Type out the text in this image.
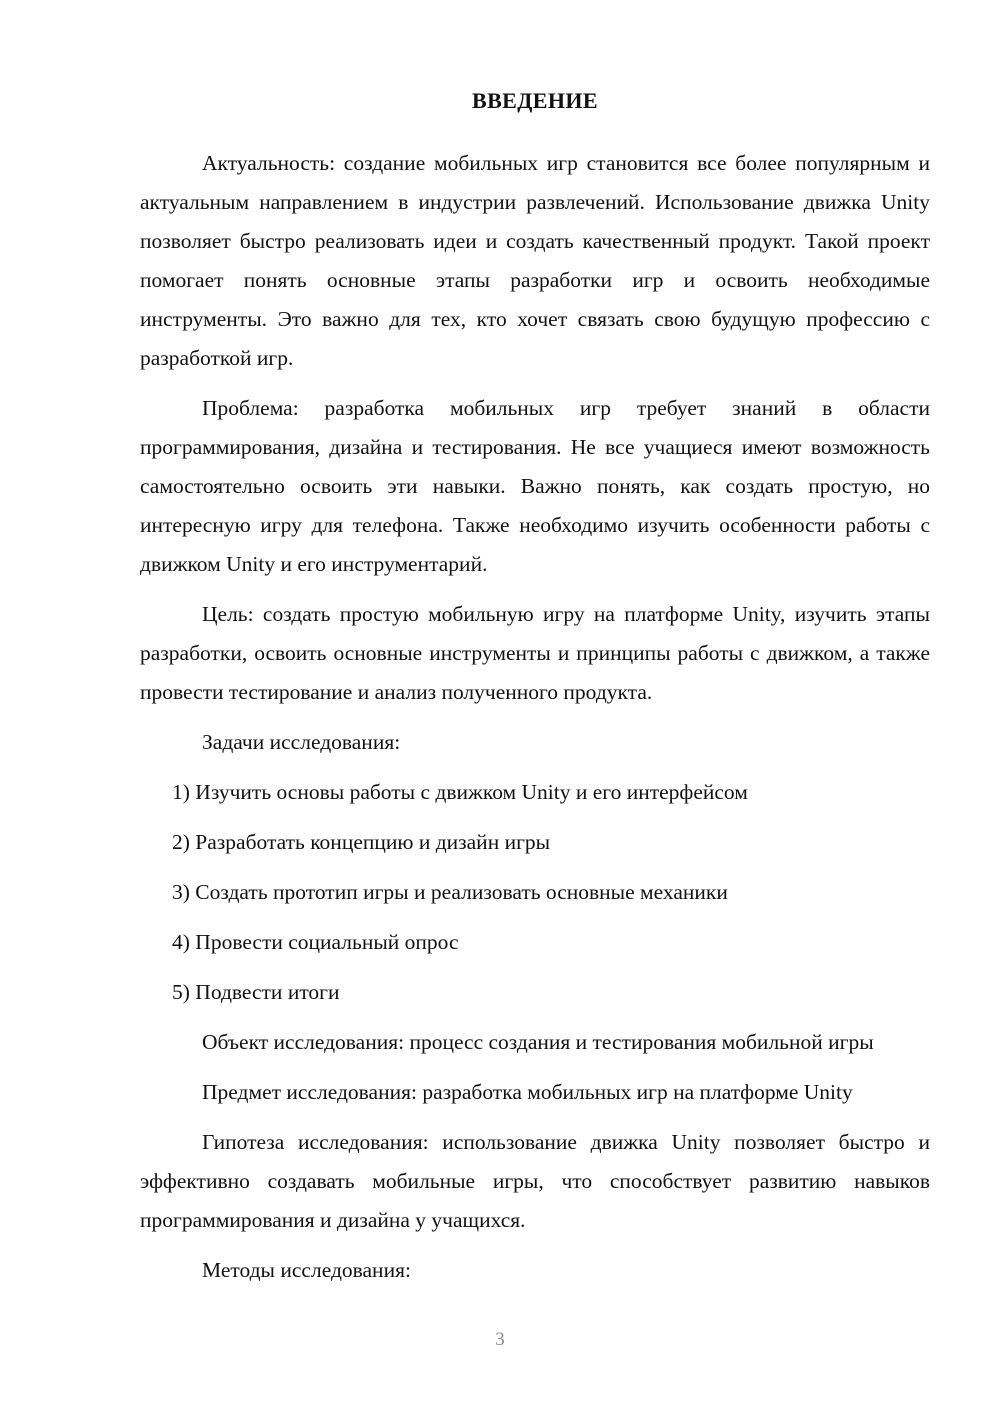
ВВЕДЕНИЕ

Актуальность: создание мобильных игр становится все более популярным и актуальным направлением в индустрии развлечений. Использование движка Unity позволяет быстро реализовать идеи и создать качественный продукт. Такой проект помогает понять основные этапы разработки игр и освоить необходимые инструменты. Это важно для тех, кто хочет связать свою будущую профессию с разработкой игр.

Проблема: разработка мобильных игр требует знаний в области программирования, дизайна и тестирования. Не все учащиеся имеют возможность самостоятельно освоить эти навыки. Важно понять, как создать простую, но интересную игру для телефона. Также необходимо изучить особенности работы с движком Unity и его инструментарий.

Цель: создать простую мобильную игру на платформе Unity, изучить этапы разработки, освоить основные инструменты и принципы работы с движком, а также провести тестирование и анализ полученного продукта.

Задачи исследования:

1) Изучить основы работы с движком Unity и его интерфейсом
2) Разработать концепцию и дизайн игры
3) Создать прототип игры и реализовать основные механики
4) Провести социальный опрос
5) Подвести итоги

Объект исследования: процесс создания и тестирования мобильной игры

Предмет исследования: разработка мобильных игр на платформе Unity

Гипотеза исследования: использование движка Unity позволяет быстро и эффективно создавать мобильные игры, что способствует развитию навыков программирования и дизайна у учащихся.

Методы исследования:

3
